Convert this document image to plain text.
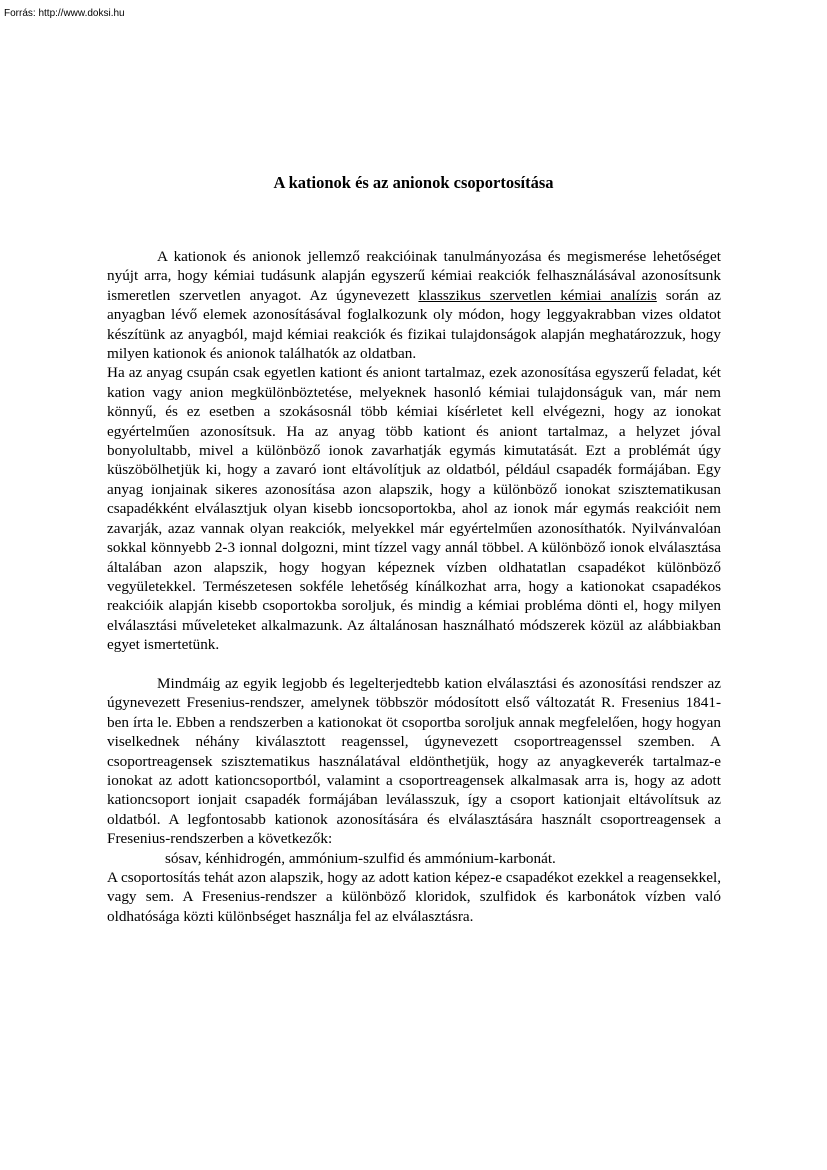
Forrás: http://www.doksi.hu
A kationok és az anionok csoportosítása

A kationok és anionok jellemző reakcióinak tanulmányozása és megismerése lehetőséget nyújt arra, hogy kémiai tudásunk alapján egyszerű kémiai reakciók felhasználásával azonosítsunk ismeretlen szervetlen anyagot. Az úgynevezett klasszikus szervetlen kémiai analízis során az anyagban lévő elemek azonosításával foglalkozunk oly módon, hogy leggyakrabban vizes oldatot készítünk az anyagból, majd kémiai reakciók és fizikai tulajdonságok alapján meghatározzuk, hogy milyen kationok és anionok találhatók az oldatban.

Ha az anyag csupán csak egyetlen kationt és aniont tartalmaz, ezek azonosítása egyszerű feladat, két kation vagy anion megkülönböztetése, melyeknek hasonló kémiai tulajdonságuk van, már nem könnyű, és ez esetben a szokásosnál több kémiai kísérletet kell elvégezni, hogy az ionokat egyértelműen azonosítsuk. Ha az anyag több kationt és aniont tartalmaz, a helyzet jóval bonyolultabb, mivel a különböző ionok zavarhatják egymás kimutatását. Ezt a problémát úgy küszöbölhetjük ki, hogy a zavaró iont eltávolítjuk az oldatból, például csapadék formájában. Egy anyag ionjainak sikeres azonosítása azon alapszik, hogy a különböző ionokat szisztematikusan csapadékként elválasztjuk olyan kisebb ioncsoportokba, ahol az ionok már egymás reakcióit nem zavarják, azaz vannak olyan reakciók, melyekkel már egyértelműen azonosíthatók. Nyilvánvalóan sokkal könnyebb 2-3 ionnal dolgozni, mint tízzel vagy annál többel. A különböző ionok elválasztása általában azon alapszik, hogy hogyan képeznek vízben oldhatatlan csapadékot különböző vegyületekkel. Természetesen sokféle lehetőség kínálkozhat arra, hogy a kationokat csapadékos reakcióik alapján kisebb csoportokba soroljuk, és mindig a kémiai probléma dönti el, hogy milyen elválasztási műveleteket alkalmazunk. Az általánosan használható módszerek közül az alábbiakban egyet ismertetünk.

Mindmáig az egyik legjobb és legelterjedtebb kation elválasztási és azonosítási rendszer az úgynevezett Fresenius-rendszer, amelynek többször módosított első változatát R. Fresenius 1841-ben írta le. Ebben a rendszerben a kationokat öt csoportba soroljuk annak megfelelően, hogy hogyan viselkednek néhány kiválasztott reagenssel, úgynevezett csoportreagenssel szemben. A csoportreagensek szisztematikus használatával eldönthetjük, hogy az anyagkeverék tartalmaz-e ionokat az adott kationcsoportból, valamint a csoportreagensek alkalmasak arra is, hogy az adott kationcsoport ionjait csapadék formájában leválasszuk, így a csoport kationjait eltávolítsuk az oldatból. A legfontosabb kationok azonosítására és elválasztására használt csoportreagensek a Fresenius-rendszerben a következők:

sósav, kénhidrogén, ammónium-szulfid és ammónium-karbonát.

A csoportosítás tehát azon alapszik, hogy az adott kation képez-e csapadékot ezekkel a reagensekkel, vagy sem. A Fresenius-rendszer a különböző kloridok, szulfidok és karbonátok vízben való oldhatósága közti különbséget használja fel az elválasztásra.
